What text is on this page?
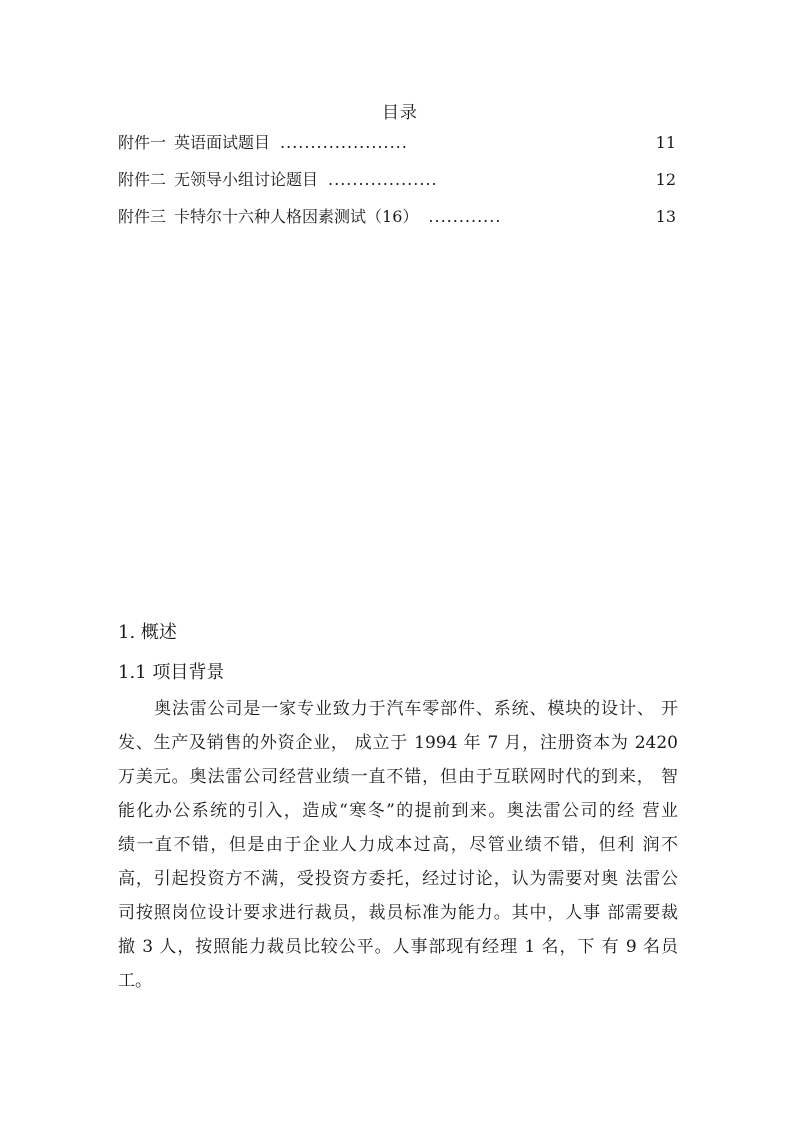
目录
附件一 英语面试题目 .....................	11
附件二 无领导小组讨论题目 ..................	12
附件三 卡特尔十六种人格因素测试（16） ............	13
1. 概述
1.1 项目背景

奥法雷公司是一家专业致力于汽车零部件、系统、模块的设计、 开
发、生产及销售的外资企业， 成立于 1994 年 7 月，注册资本为 2420
万美元。奥法雷公司经营业绩一直不错，但由于互联网时代的到来， 智
能化办公系统的引入，造成“寒冬”的提前到来。奥法雷公司的经 营业
绩一直不错，但是由于企业人力成本过高，尽管业绩不错，但利 润不
高，引起投资方不满，受投资方委托，经过讨论，认为需要对奥 法雷公
司按照岗位设计要求进行裁员，裁员标准为能力。其中，人事 部需要裁
撤 3 人，按照能力裁员比较公平。人事部现有经理 1 名，下 有 9 名员
工。
